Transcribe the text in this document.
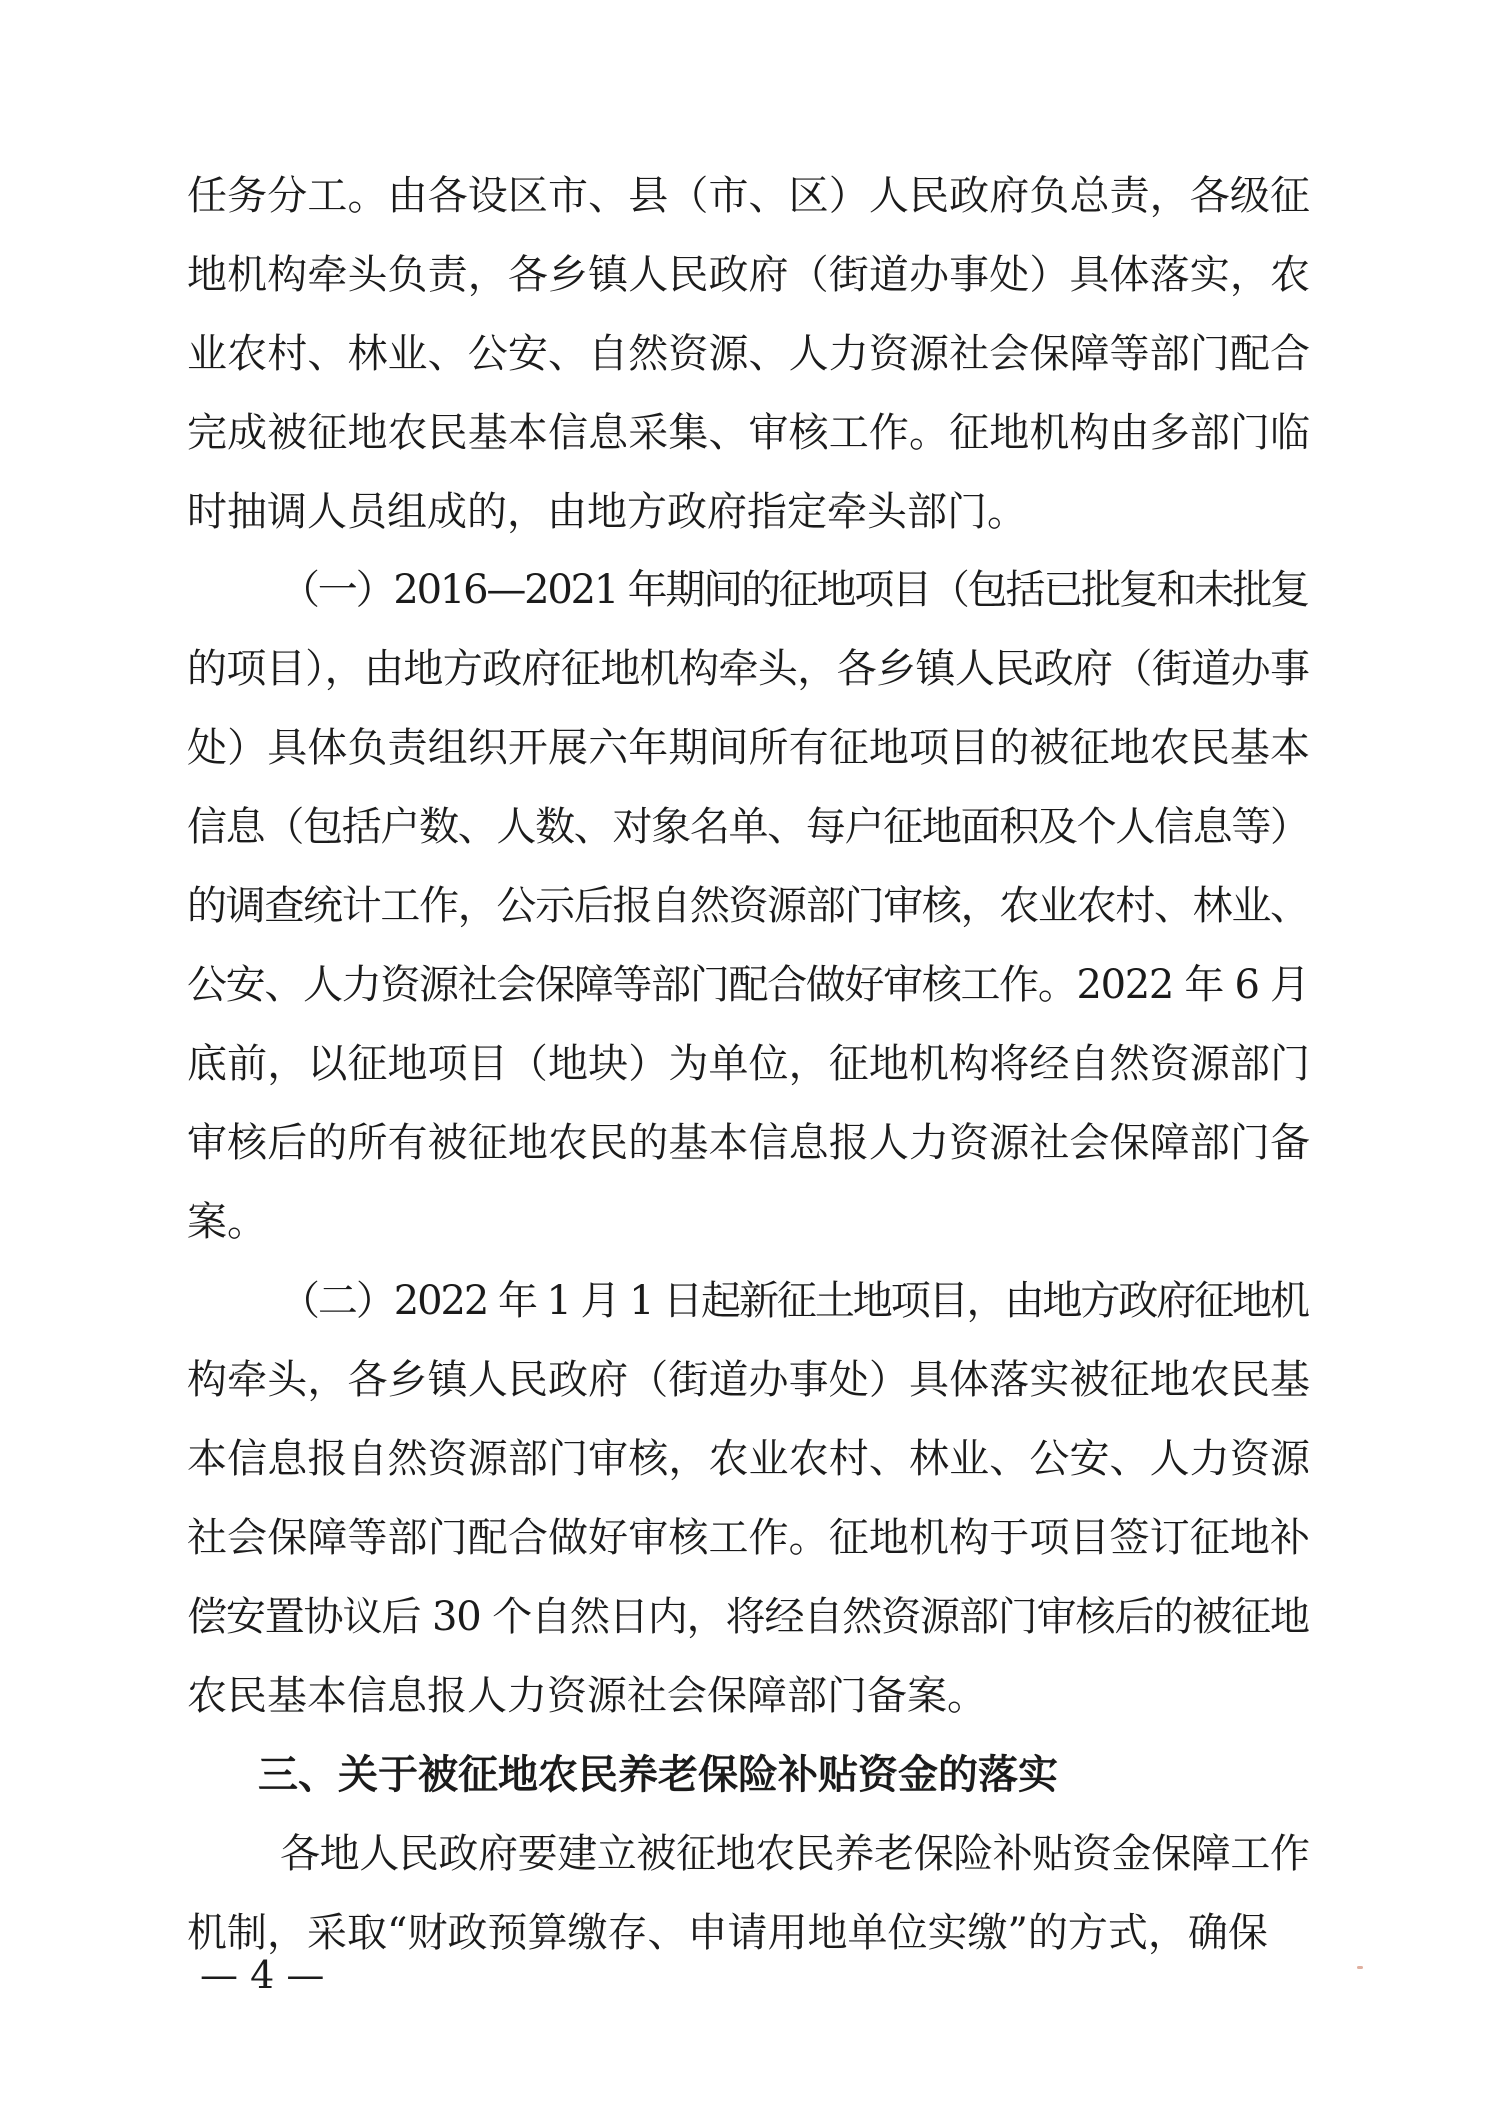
任务分工。由各设区市、县（市、区）人民政府负总责，各级征
地机构牵头负责，各乡镇人民政府（街道办事处）具体落实，农
业农村、林业、公安、自然资源、人力资源社会保障等部门配合
完成被征地农民基本信息采集、审核工作。征地机构由多部门临
时抽调人员组成的，由地方政府指定牵头部门。
（一）2016—2021 年期间的征地项目（包括已批复和未批复
的项目），由地方政府征地机构牵头，各乡镇人民政府（街道办事
处）具体负责组织开展六年期间所有征地项目的被征地农民基本
信息（包括户数、人数、对象名单、每户征地面积及个人信息等）
的调查统计工作，公示后报自然资源部门审核，农业农村、林业、
公安、人力资源社会保障等部门配合做好审核工作。2022 年 6 月
底前，以征地项目（地块）为单位，征地机构将经自然资源部门
审核后的所有被征地农民的基本信息报人力资源社会保障部门备
案。
（二）2022 年 1 月 1 日起新征土地项目，由地方政府征地机
构牵头，各乡镇人民政府（街道办事处）具体落实被征地农民基
本信息报自然资源部门审核，农业农村、林业、公安、人力资源
社会保障等部门配合做好审核工作。征地机构于项目签订征地补
偿安置协议后 30 个自然日内，将经自然资源部门审核后的被征地
农民基本信息报人力资源社会保障部门备案。
三、关于被征地农民养老保险补贴资金的落实
各地人民政府要建立被征地农民养老保险补贴资金保障工作
机制，采取“财政预算缴存、申请用地单位实缴”的方式，确保
— 4 —
